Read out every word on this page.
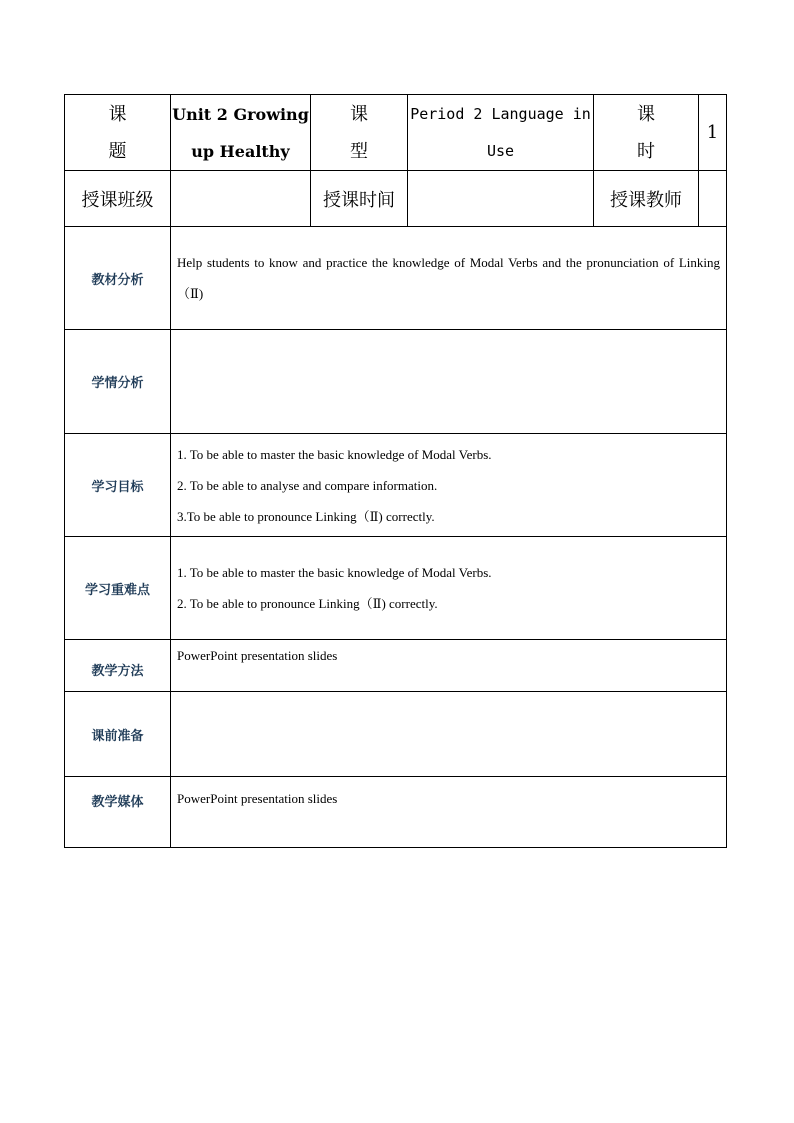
课 题	Unit 2 Growing up Healthy	课 型	Period 2 Language in Use	课 时	1
授课班级		授课时间		授课教师	
教材分析	Help students to know and practice the knowledge of Modal Verbs and the pronunciation of Linking（Ⅱ)				

学情分析					
学习目标	1. To be able to master the basic knowledge of Modal Verbs.

2. To be able to analyse and compare information.

3.To be able to pronounce Linking（Ⅱ) correctly.				

学习重难点	1. To be able to master the basic knowledge of Modal Verbs.

2. To be able to pronounce Linking（Ⅱ) correctly.				

教学方法	PowerPoint presentation slides				
课前准备					
教学媒体	PowerPoint presentation slides				
